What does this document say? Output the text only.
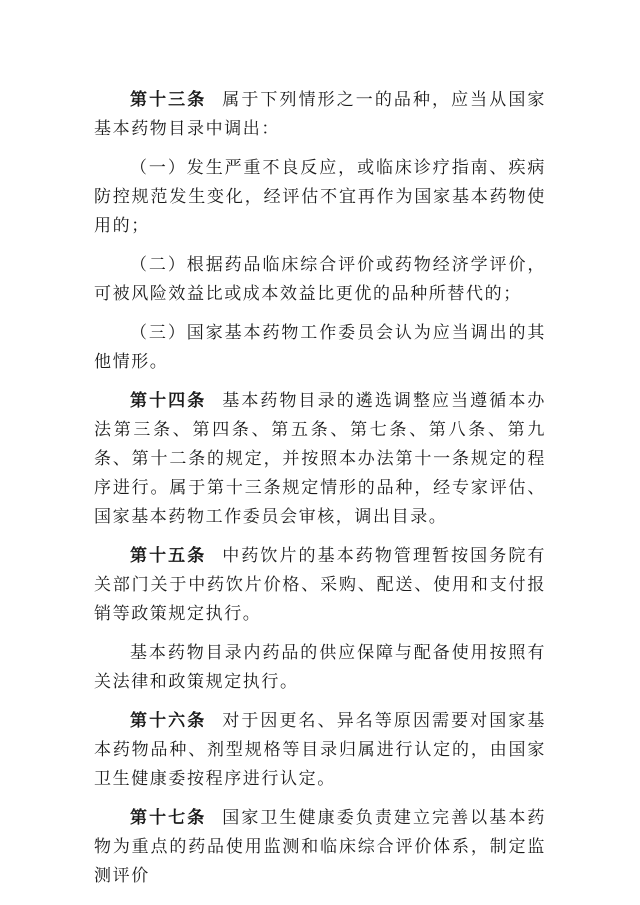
第十三条 属于下列情形之一的品种，应当从国家基本药物目录中调出：

（一）发生严重不良反应，或临床诊疗指南、疾病防控规范发生变化，经评估不宜再作为国家基本药物使用的；

（二）根据药品临床综合评价或药物经济学评价，可被风险效益比或成本效益比更优的品种所替代的；

（三）国家基本药物工作委员会认为应当调出的其他情形。

第十四条 基本药物目录的遴选调整应当遵循本办法第三条、第四条、第五条、第七条、第八条、第九条、第十二条的规定，并按照本办法第十一条规定的程序进行。属于第十三条规定情形的品种，经专家评估、国家基本药物工作委员会审核，调出目录。

第十五条 中药饮片的基本药物管理暂按国务院有关部门关于中药饮片价格、采购、配送、使用和支付报销等政策规定执行。

基本药物目录内药品的供应保障与配备使用按照有关法律和政策规定执行。

第十六条 对于因更名、异名等原因需要对国家基本药物品种、剂型规格等目录归属进行认定的，由国家卫生健康委按程序进行认定。

第十七条 国家卫生健康委负责建立完善以基本药物为重点的药品使用监测和临床综合评价体系，制定监测评价
